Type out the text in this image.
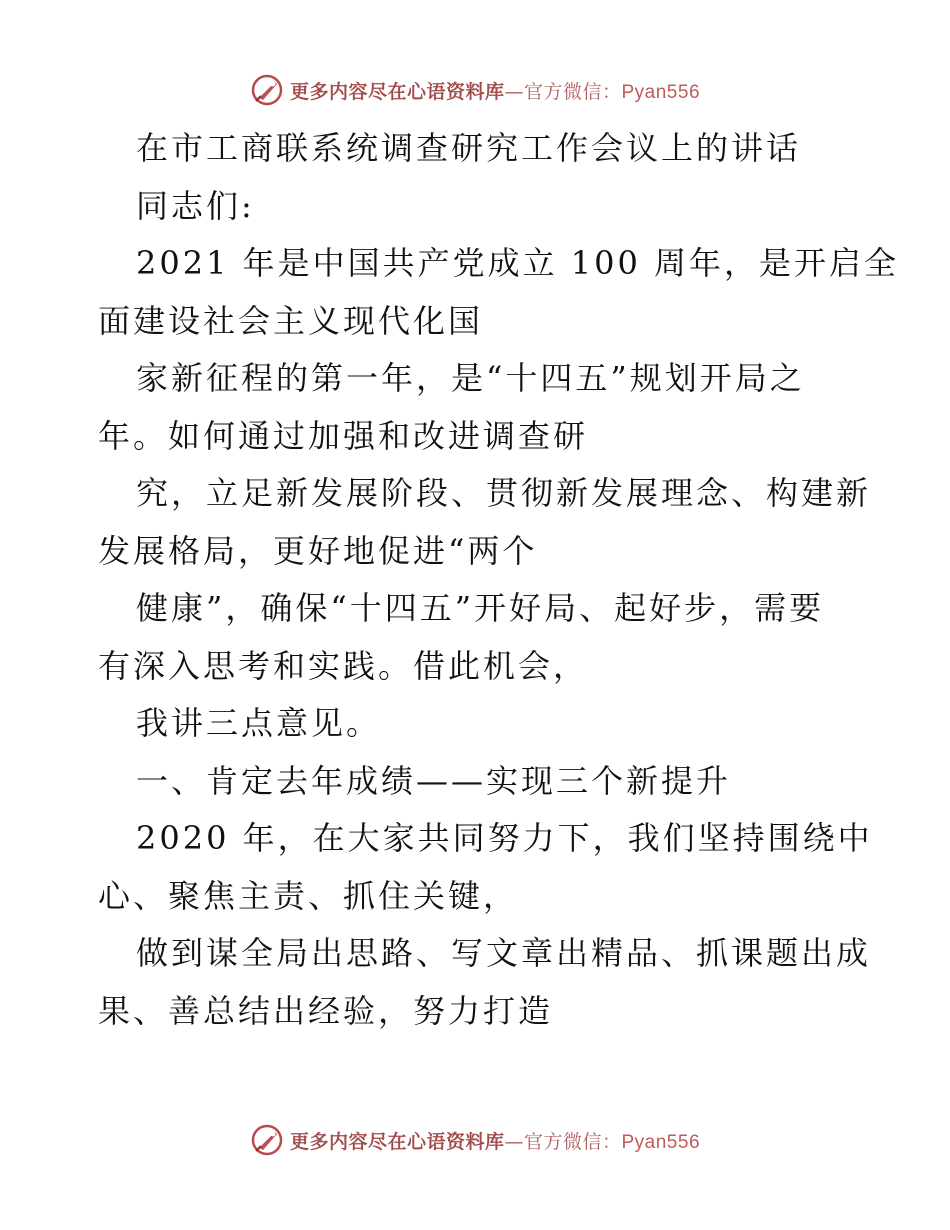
更多内容尽在心语资料库—官方微信：Pyan556
在市工商联系统调查研究工作会议上的讲话
同志们:
2021 年是中国共产党成立 100 周年，是开启全
面建设社会主义现代化国
家新征程的第一年，是“十四五”规划开局之
年。如何通过加强和改进调查研
究，立足新发展阶段、贯彻新发展理念、构建新
发展格局，更好地促进“两个
健康”，确保“十四五”开好局、起好步，需要
有深入思考和实践。借此机会，
我讲三点意见。
一、肯定去年成绩——实现三个新提升
2020 年，在大家共同努力下，我们坚持围绕中
心、聚焦主责、抓住关键，
做到谋全局出思路、写文章出精品、抓课题出成
果、善总结出经验，努力打造
更多内容尽在心语资料库—官方微信：Pyan556
